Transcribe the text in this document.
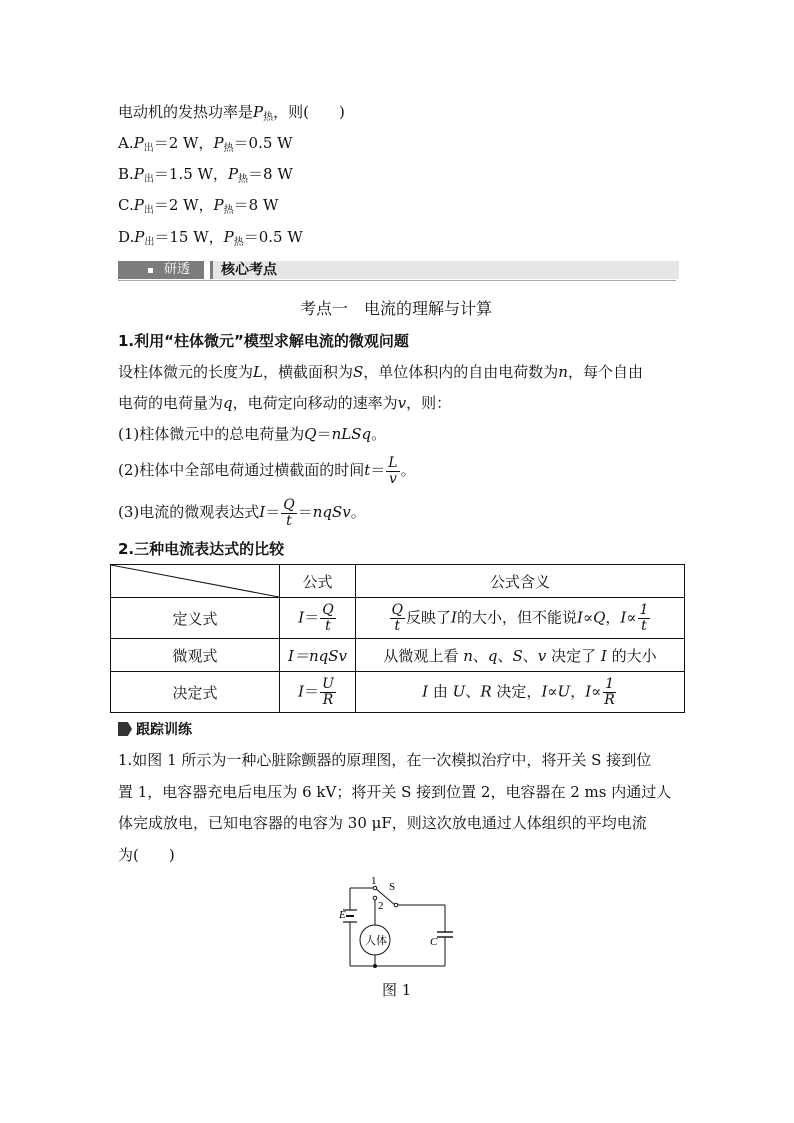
电动机的发热功率是$P_热$，则(　　)
$A.P_出=2$ W，$P_热=0.5$ W
$B.P_出=1.5$ W，$P_热=8$ W
$C.P_出=2$ W，$P_热=8$ W
$D.P_出=15$ W，$P_热=0.5$ W
研透 核心考点
考点一　电流的理解与计算
1.利用“柱体微元”模型求解电流的微观问题
设柱体微元的长度为L，横截面积为S，单位体积内的自由电荷数为n，每个自由
电荷的电荷量为q，电荷定向移动的速率为v，则：
(1)柱体微元中的总电荷量为Q＝nLSq。
(2)柱体中全部电荷通过横截面的时间$t= \frac{L}{v}$ 。
(3)电流的微观表达式$I= \frac{Q}{t}$ ＝nqSv。
2.三种电流表达式的比较
	公式	公式含义
定义式	$I= \frac{Q}{t}$	$\frac{Q}{t}$ 反映了I的大小，但不能说I∝Q，$I\propto \frac{1}{t}$

微观式	I＝nqSv	从微观上看 n、q、S、v 决定了 I 的大小
决定式	$I= \frac{U}{R}$	I 由 U、R 决定，I∝U，$I\propto \frac{1}{R}$
跟踪训练
1.如图 1 所示为一种心脏除颤器的原理图，在一次模拟治疗中，将开关 S 接到位
置 1，电容器充电后电压为 6 kV；将开关 S 接到位置 2，电容器在 2 ms 内通过人
体完成放电，已知电容器的电容为 30 μF，则这次放电通过人体组织的平均电流
为(　　)
1
2
S
E
C
人体
图 1
